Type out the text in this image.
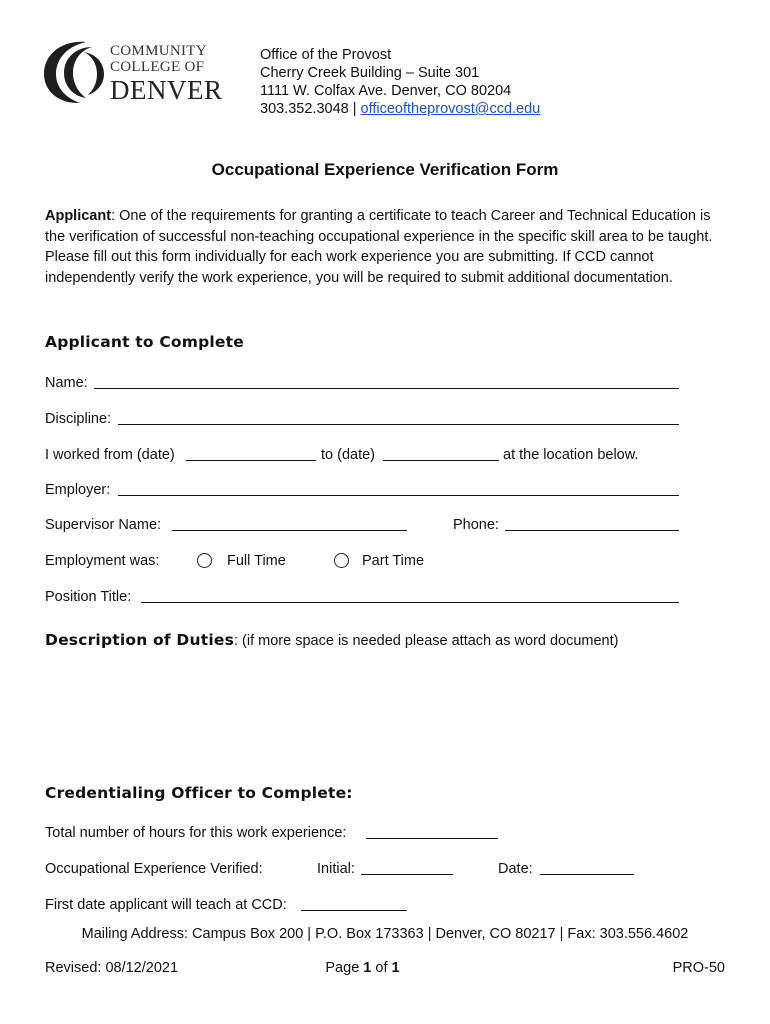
COMMUNITY
COLLEGE OF
DENVER
Office of the Provost
Cherry Creek Building – Suite 301
1111 W. Colfax Ave. Denver, CO 80204
303.352.3048 | officeoftheprovost@ccd.edu
Occupational Experience Verification Form
Applicant: One of the requirements for granting a certificate to teach Career and Technical Education is the verification of successful non-teaching occupational experience in the specific skill area to be taught. Please fill out this form individually for each work experience you are submitting. If CCD cannot independently verify the work experience, you will be required to submit additional documentation.
Applicant to Complete
Name:
Discipline:
I worked from (date)	to (date)	at the location below.
Employer:
Supervisor Name:	Phone:
Employment was:	Full Time	Part Time
Position Title:
Description of Duties: (if more space is needed please attach as word document)
Credentialing Officer to Complete:
Total number of hours for this work experience:
Occupational Experience Verified:	Initial:	Date:
First date applicant will teach at CCD:
Mailing Address: Campus Box 200 | P.O. Box 173363 | Denver, CO 80217 | Fax: 303.556.4602
Revised: 08/12/2021	Page 1 of 1	PRO-50
